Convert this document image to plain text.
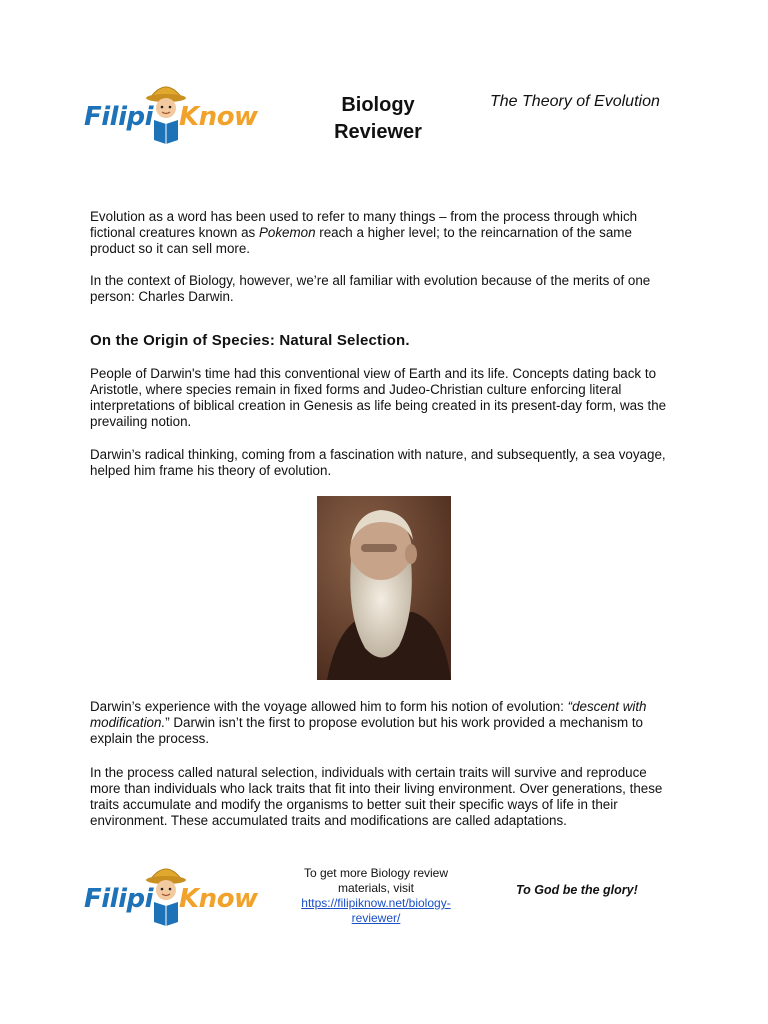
Filipi Know	Biology
Reviewer
The Theory of Evolution

Evolution as a word has been used to refer to many things – from the process through which fictional creatures known as Pokemon reach a higher level; to the reincarnation of the same product so it can sell more.

In the context of Biology, however, we’re all familiar with evolution because of the merits of one person: Charles Darwin.

On the Origin of Species: Natural Selection.

People of Darwin's time had this conventional view of Earth and its life. Concepts dating back to Aristotle, where species remain in fixed forms and Judeo-Christian culture enforcing literal interpretations of biblical creation in Genesis as life being created in its present-day form, was the prevailing notion.

Darwin’s radical thinking, coming from a fascination with nature, and subsequently, a sea voyage, helped him frame his theory of evolution.

Darwin’s experience with the voyage allowed him to form his notion of evolution: “descent with modification.” Darwin isn’t the first to propose evolution but his work provided a mechanism to explain the process.

In the process called natural selection, individuals with certain traits will survive and reproduce more than individuals who lack traits that fit into their living environment. Over generations, these traits accumulate and modify the organisms to better suit their specific ways of life in their environment. These accumulated traits and modifications are called adaptations.

Filipi Know
To get more Biology review materials, visit
https://filipiknow.net/biology-reviewer/
To God be the glory!
